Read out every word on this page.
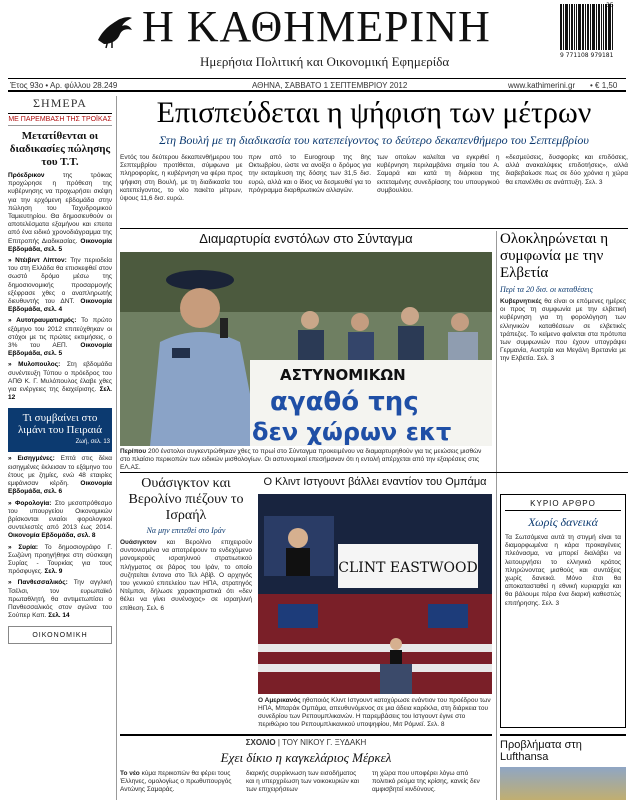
Η ΚΑΘΗΜΕΡΙΝΗ
Ημερήσια Πολιτική και Οικονομική Εφημερίδα	9 771108 979181
35
Έτος 93ο • Αρ. φύλλου 28.249	ΑΘΗΝΑ, ΣΑΒΒΑΤΟ 1 ΣΕΠΤΕΜΒΡΙΟΥ 2012	www.kathimerini.gr • € 1,50
ΣΗΜΕΡΑ
ΜΕ ΠΑΡΕΜΒΑΣΗ ΤΗΣ ΤΡΟΪΚΑΣ
Μετατίθενται οι διαδικασίες πώλησης του Τ.Τ.
Πρόεδρικον	της τρόικας προχώρησε η πρόθεση της κυβέρνησης να προχωρήσει σκέψη για την ερχόμενη εβδομάδα στην πώληση του Ταχυδρομικού Ταμιευτηρίου. Θα δημοσιευθούν οι αποτελέσματα εξαμήνου και επειτα από ένα ειδικό χρονοδιάγραμμα της Επιτροπής Διαδικασίας. Οικονομία Εβδομάδα, σελ. 5
» Ντέιβιντ Λίπτον: Την περιοδεία του στη Ελλάδα θα επισκεφθεί στον σωστό δρόμο μέσω της δημοσιονομικής προσαρμογής εξέφρασε χθες ο αναπληρωτής διευθυντής του ΔΝΤ. Οικονομία Εβδομάδα, σελ. 4
» Αυτοτραυματισμός: Το πρώτο εξάμηνο του 2012 επιτεύχθηκαν οι στόχοι με τις πρώτες εκτιμήσεις, ο 3% του ΑΕΠ. Οικονομία Εβδομάδα, σελ. 5
» Μυλοπουλος: Στη εβδομάδα συνέντευξη Τύπου ο πρόεδρος του ΑΠΘ Κ. Γ. Μυλόπουλος έλαβε χθες για ενέργειες της διαχείρισης. Σελ. 12
Τι συμβαίνει στο λιμάνι του Πειραιά
Ζωή, σελ. 13
» Εισηγμένες: Επτά στις δέκα εισηγμένες έκλεισαν το εξάμηνο του έτους με ζημίες, ενώ 48 εταιρίες εμφάνισαν κέρδη. Οικονομία Εβδομάδα, σελ. 6
» Φορολογία: Στο μεσοπρόθεσμο του υπουργείου Οικονομικών βρίσκονται ενιαίοι φορολογικοί συντελεστές από 2013 έως 2014. Οικονομία Εβδομάδα, σελ. 8
» Συρία: Το δημοσιογράφο Γ. Σωζώνη προηγήθηκε στη σύσκεψη Συρίας - Τουρκίας για τους πρόσφυγες. Σελ. 9
» Πανθεσσαλικός: Την αγγλική Τσέλσι, τον ευρωπαϊκό πρωταθλητή, θα αντιμετωπίσει ο Πανθεσσαλικός στον αγώνα του Σούπερ Καπ. Σελ. 14
ΟΙΚΟΝΟΜΙΚΗ
Επισπεύδεται η ψήφιση των μέτρων
Στη Βουλή με τη διαδικασία του κατεπείγοντος το δεύτερο δεκαπενθήμερο του Σεπτεμβρίου
Εντός του δεύτερου δεκαπενθήμερου του Σεπτεμβρίου προτίθεται, σύμφωνα με πληροφορίες, η κυβέρνηση να φέρει προς ψήφιση στη Βουλή, με τη διαδικασία του κατεπείγοντος, το νέο πακέτο μέτρων, ύψους 11,6 δισ. ευρώ.
πριν από το Eurogroup της 8ης Οκτωβρίου, ώστε να ανοίξει ο δρόμος για την εκταμίευση της δόσης των 31,5 δισ. ευρώ, αλλά και ο ίδιος να δεσμευθεί για το πρόγραμμα διαρθρωτικών αλλαγών.
των οποίων καλείται να εγκριθεί η κυβέρνηση περιλαμβάνει σημεία του Α. Σαμαρά και κατά τη διάρκεια της εκτεταμένης συνεδρίασης του υπουργικού συμβουλίου.
«δεσμεύσεις, δυσφορίες και επιδόσεις, αλλά ανακαλύψεις επιδοτήσεις», αλλά διαβεβαίωσε πως σε δύο χρόνια η χώρα θα επανέλθει σε ανάπτυξη. Σελ. 3
Διαμαρτυρία ενστόλων στο Σύνταγμα
ΑΣΤΥΝΟΜΙΚΩΝ
αγαθό της
δεν χώρων εκτ
Περίπου 200 ένστολοι συγκεντρώθηκαν χθες το πρωί στο Σύνταγμα προκειμένου να διαμαρτυρηθούν για τις μειώσεις μισθών στο πλαίσιο περικοπών των ειδικών μισθολογίων. Οι αστυνομικοί επεσήμαναν ότι η εντολή απέρχεται από την εξαιρέσεις στις ΕΛ.ΑΣ.
Ολοκληρώνεται η συμφωνία με την Ελβετία
Περί τα 20 δισ. οι καταθέσεις

Κυβερνητικές θα είναι οι επόμενες ημέρες οι προς τη συμφωνία με την ελβετική κυβέρνηση για τη φορολόγηση των ελληνικών καταθέσεων σε ελβετικές τράπεζες. Το κείμενο φαίνεται στα πρότυπα των συμφωνιών που έχουν υπογράψει Γερμανία, Αυστρία και Μεγάλη Βρετανία με την Ελβετία. Σελ. 3

Ουάσιγκτον και Βερολίνο πιέζουν το Ισραήλ
Να μην επιτεθεί στο Ιράν

Ουάσιγκτον και Βερολίνο επιχειρούν συντονισμένα να αποτρέψουν το ενδεχόμενο μονομερούς ισραηλινού στρατιωτικού πλήγματος σε βάρος του Ιράν, το οποίο συζητείται έντονα στο Τελ Αβίβ. Ο αρχηγός του γενικού επιτελείου των ΗΠΑ, στρατηγός Ντέμπσι, δήλωσε χαρακτηριστικά ότι «δεν θέλει να γίνει συνένοχος» σε ισραηλινή επίθεση. Σελ. 6

Ο Κλιντ Ιστγουντ βάλλει εναντίον του Ομπάμα
CLINT EASTWOOD
Ο Αμερικανός ηθοποιός Κλιντ Ιστγουντ κατοχύρωσε ενάντιον του προέδρου των ΗΠΑ, Μπαράκ Ομπάμα, απευθυνόμενος σε μια άδεια καρέκλα, στη διάρκεια του συνεδρίου των Ρεπουμπλικανών. Η παρεμβάσεις του Ιστγουντ έγινε στο περιθώριο του Ρεπουμπλικανικού υποψηφίου, Μιτ Ρόμνεϊ. Σελ. 8
ΚΥΡΙΟ ΑΡΘΡΟ
Χωρίς δανεικά

Τα Σωτσόμενα αυτά τη στιγμή είναι τα διαμορφωμένα η κάρα προκαγένεις πλεόνασμα, να μπορεί διαλάβει να λειτουργήσει το ελληνικό κράτος πληρώνοντας μισθούς και συντάξεις χωρίς δανεικά. Μόνο έτσι θα αποκατασταθεί η εθνική κυριαρχία και θα βάλουμε πέρα ένα διαρκή καθεστώς επιτήρησης. Σελ. 3

ΣΧΟΛΙΟ | ΤΟΥ ΝΙΚΟΥ Γ. ΞΥΔΑΚΗ
Εχει δίκιο η καγκελάριος Μέρκελ
Το νέο κύμα περικοπών θα φέρει τους Έλληνες, ομολογίως ο πρωθυπουργός Αντώνης Σαμαράς.
διαρκής συρρίκνωση των εισοδήματος και η υπερχρέωση των νοικοκυριών και των επιχειρήσεων
τη χώρα που υποφέρει λόγω από πολιτικό ρεύμα της κρίσης, κανείς δεν αμφισβητεί κινδύνους.
Προβλήματα στη Lufthansa
